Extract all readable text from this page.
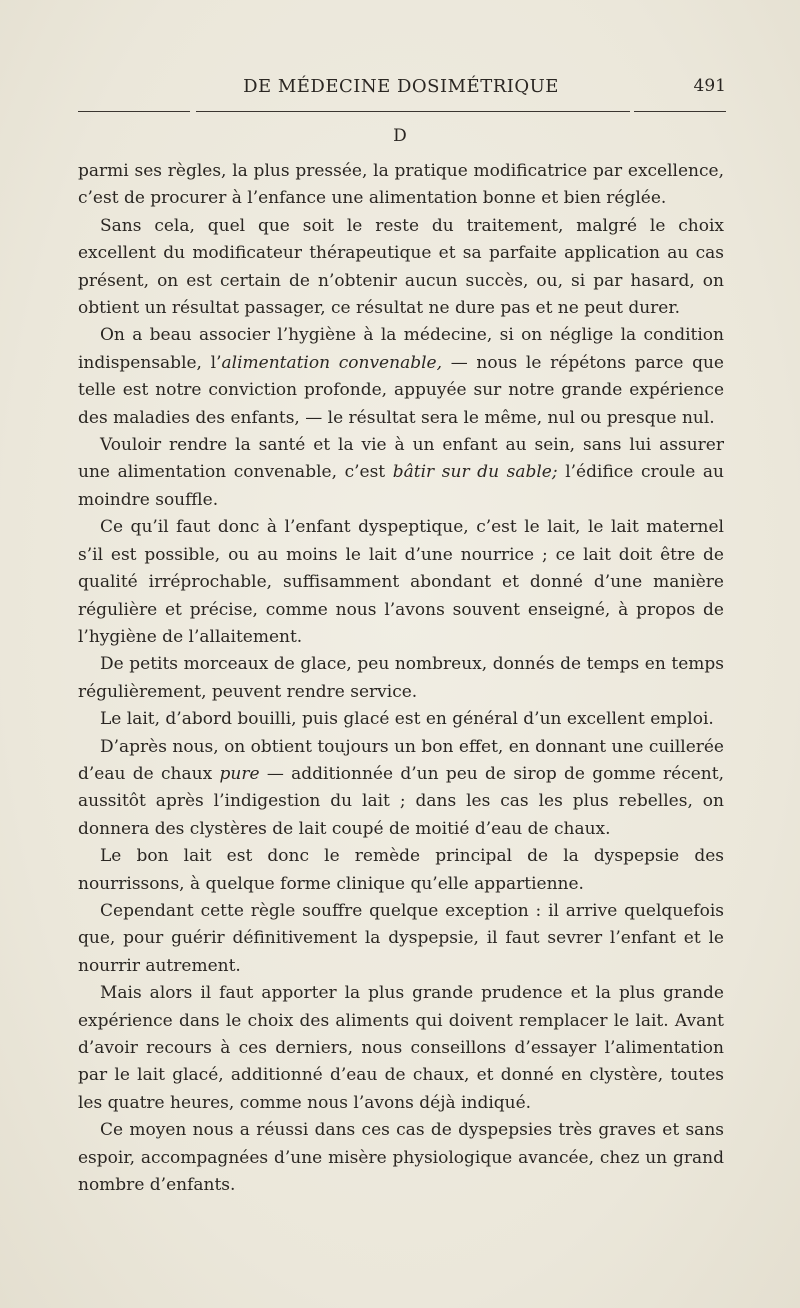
DE MÉDECINE DOSIMÉTRIQUE	491
D

parmi ses règles, la plus pressée, la pratique modificatrice par excellence, c’est de procurer à l’enfance une alimentation bonne et bien réglée.

Sans cela, quel que soit le reste du traitement, malgré le choix excellent du modificateur thérapeutique et sa parfaite application au cas présent, on est certain de n’obtenir aucun succès, ou, si par hasard, on obtient un résultat passager, ce résultat ne dure pas et ne peut durer.

On a beau associer l’hygiène à la médecine, si on néglige la condition indispensable, l’alimentation convenable, — nous le répétons parce que telle est notre conviction profonde, appuyée sur notre grande expérience des maladies des enfants, — le résultat sera le même, nul ou presque nul.

Vouloir rendre la santé et la vie à un enfant au sein, sans lui assurer une alimentation convenable, c’est bâtir sur du sable; l’édifice croule au moindre souffle.

Ce qu’il faut donc à l’enfant dyspeptique, c’est le lait, le lait maternel s’il est possible, ou au moins le lait d’une nourrice ; ce lait doit être de qualité irréprochable, suffisamment abondant et donné d’une manière régulière et précise, comme nous l’avons souvent enseigné, à propos de l’hygiène de l’allaitement.

De petits morceaux de glace, peu nombreux, donnés de temps en temps régulièrement, peuvent rendre service.

Le lait, d’abord bouilli, puis glacé est en général d’un excellent emploi.

D’après nous, on obtient toujours un bon effet, en donnant une cuillerée d’eau de chaux pure — additionnée d’un peu de sirop de gomme récent, aussitôt après l’indigestion du lait ; dans les cas les plus rebelles, on donnera des clystères de lait coupé de moitié d’eau de chaux.

Le bon lait est donc le remède principal de la dyspepsie des nourrissons, à quelque forme clinique qu’elle appartienne.

Cependant cette règle souffre quelque exception : il arrive quelquefois que, pour guérir définitivement la dyspepsie, il faut sevrer l’enfant et le nourrir autrement.

Mais alors il faut apporter la plus grande prudence et la plus grande expérience dans le choix des aliments qui doivent remplacer le lait. Avant d’avoir recours à ces derniers, nous conseillons d’essayer l’alimentation par le lait glacé, additionné d’eau de chaux, et donné en clystère, toutes les quatre heures, comme nous l’avons déjà indiqué.

Ce moyen nous a réussi dans ces cas de dyspepsies très graves et sans espoir, accompagnées d’une misère physiologique avancée, chez un grand nombre d’enfants.
